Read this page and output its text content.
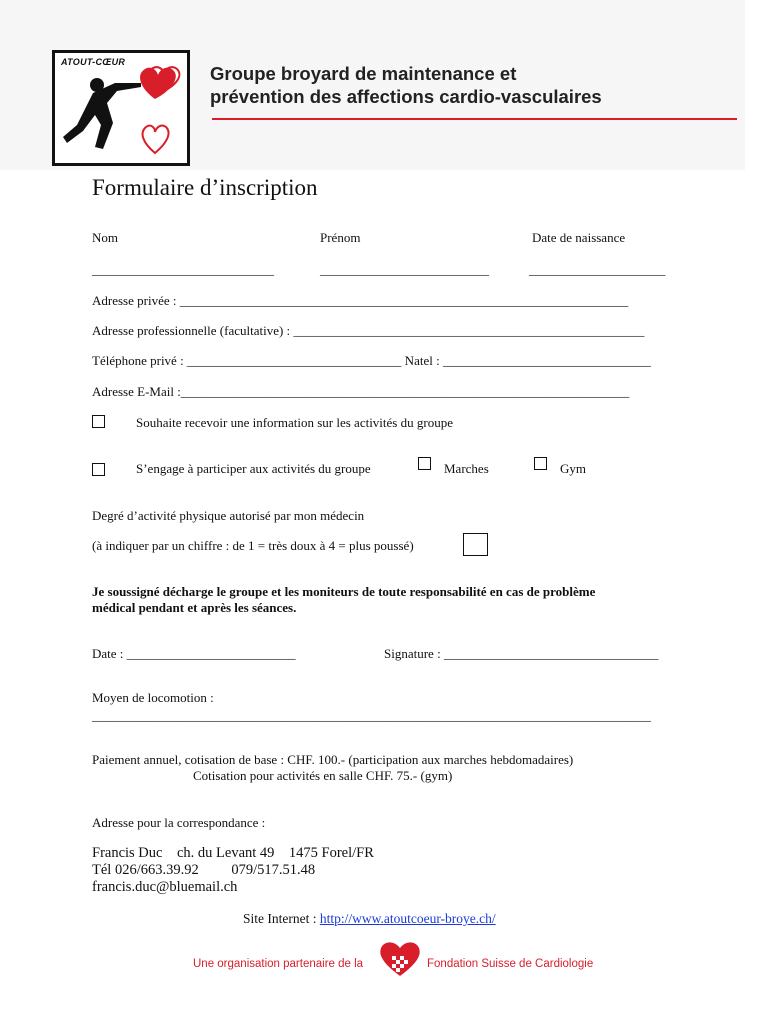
ATOUT-CŒUR
Groupe broyard de maintenance et
prévention des affections cardio-vasculaires
Formulaire d’inscription
Nom	Prénom	Date de naissance
____________________________	__________________________	_____________________
Adresse privée : _____________________________________________________________________
Adresse professionnelle (facultative) : ______________________________________________________
Téléphone privé : _________________________________ Natel : ________________________________
Adresse E-Mail :_____________________________________________________________________
Souhaite recevoir une information sur les activités du groupe
S’engage à participer aux activités du groupe	Marches	Gym
Degré d’activité physique autorisé par mon médecin
(à indiquer par un chiffre : de 1 = très doux à 4 = plus poussé)
Je soussigné décharge le groupe et les moniteurs de toute responsabilité en cas de problème
médical pendant et après les séances.
Date : __________________________	Signature : _________________________________
Moyen de locomotion :
______________________________________________________________________________________
Paiement annuel, cotisation de base : CHF. 100.- (participation aux marches hebdomadaires)
Cotisation pour activités en salle CHF. 75.- (gym)
Adresse pour la correspondance :
Francis Duc    ch. du Levant 49    1475 Forel/FR
Tél 026/663.39.92         079/517.51.48
francis.duc@bluemail.ch
Site Internet : http://www.atoutcoeur-broye.ch/
Une organisation partenaire de la	Fondation Suisse de Cardiologie
